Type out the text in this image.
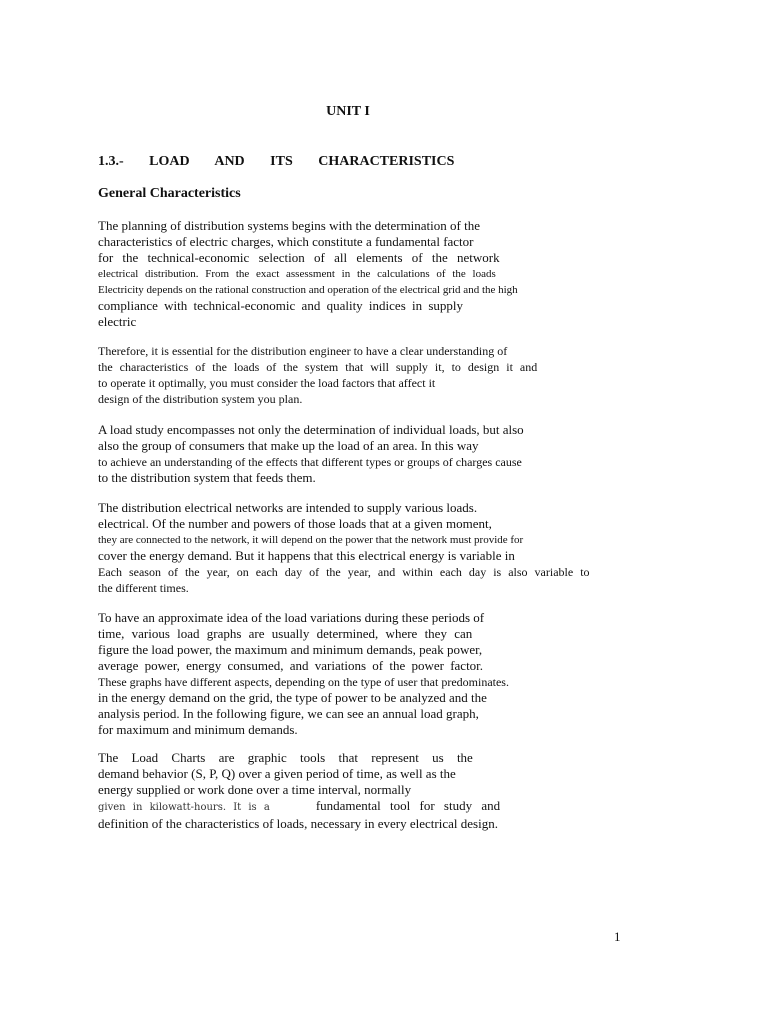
UNIT I
1.3.- LOAD AND ITS CHARACTERISTICS
General Characteristics
The planning of distribution systems begins with the determination of the
characteristics of electric charges, which constitute a fundamental factor
for the technical-economic selection of all elements of the network
electrical distribution. From the exact assessment in the calculations of the loads
Electricity depends on the rational construction and operation of the electrical grid and the high
compliance with technical-economic and quality indices in supply
electric
Therefore, it is essential for the distribution engineer to have a clear understanding of
the characteristics of the loads of the system that will supply it, to design it and
to operate it optimally, you must consider the load factors that affect it
design of the distribution system you plan.
A load study encompasses not only the determination of individual loads, but also
also the group of consumers that make up the load of an area. In this way
to achieve an understanding of the effects that different types or groups of charges cause
to the distribution system that feeds them.
The distribution electrical networks are intended to supply various loads.
electrical. Of the number and powers of those loads that at a given moment,
they are connected to the network, it will depend on the power that the network must provide for
cover the energy demand. But it happens that this electrical energy is variable in
Each season of the year, on each day of the year, and within each day is also variable to
the different times.
To have an approximate idea of the load variations during these periods of
time, various load graphs are usually determined, where they can
figure the load power, the maximum and minimum demands, peak power,
average power, energy consumed, and variations of the power factor.
These graphs have different aspects, depending on the type of user that predominates.
in the energy demand on the grid, the type of power to be analyzed and the
analysis period. In the following figure, we can see an annual load graph,
for maximum and minimum demands.
The Load Charts are graphic tools that represent us the
demand behavior (S, P, Q) over a given period of time, as well as the
energy supplied or work done over a time interval, normally
given in kilowatt-hours. It is a	fundamental tool for study and
definition of the characteristics of loads, necessary in every electrical design.
1
